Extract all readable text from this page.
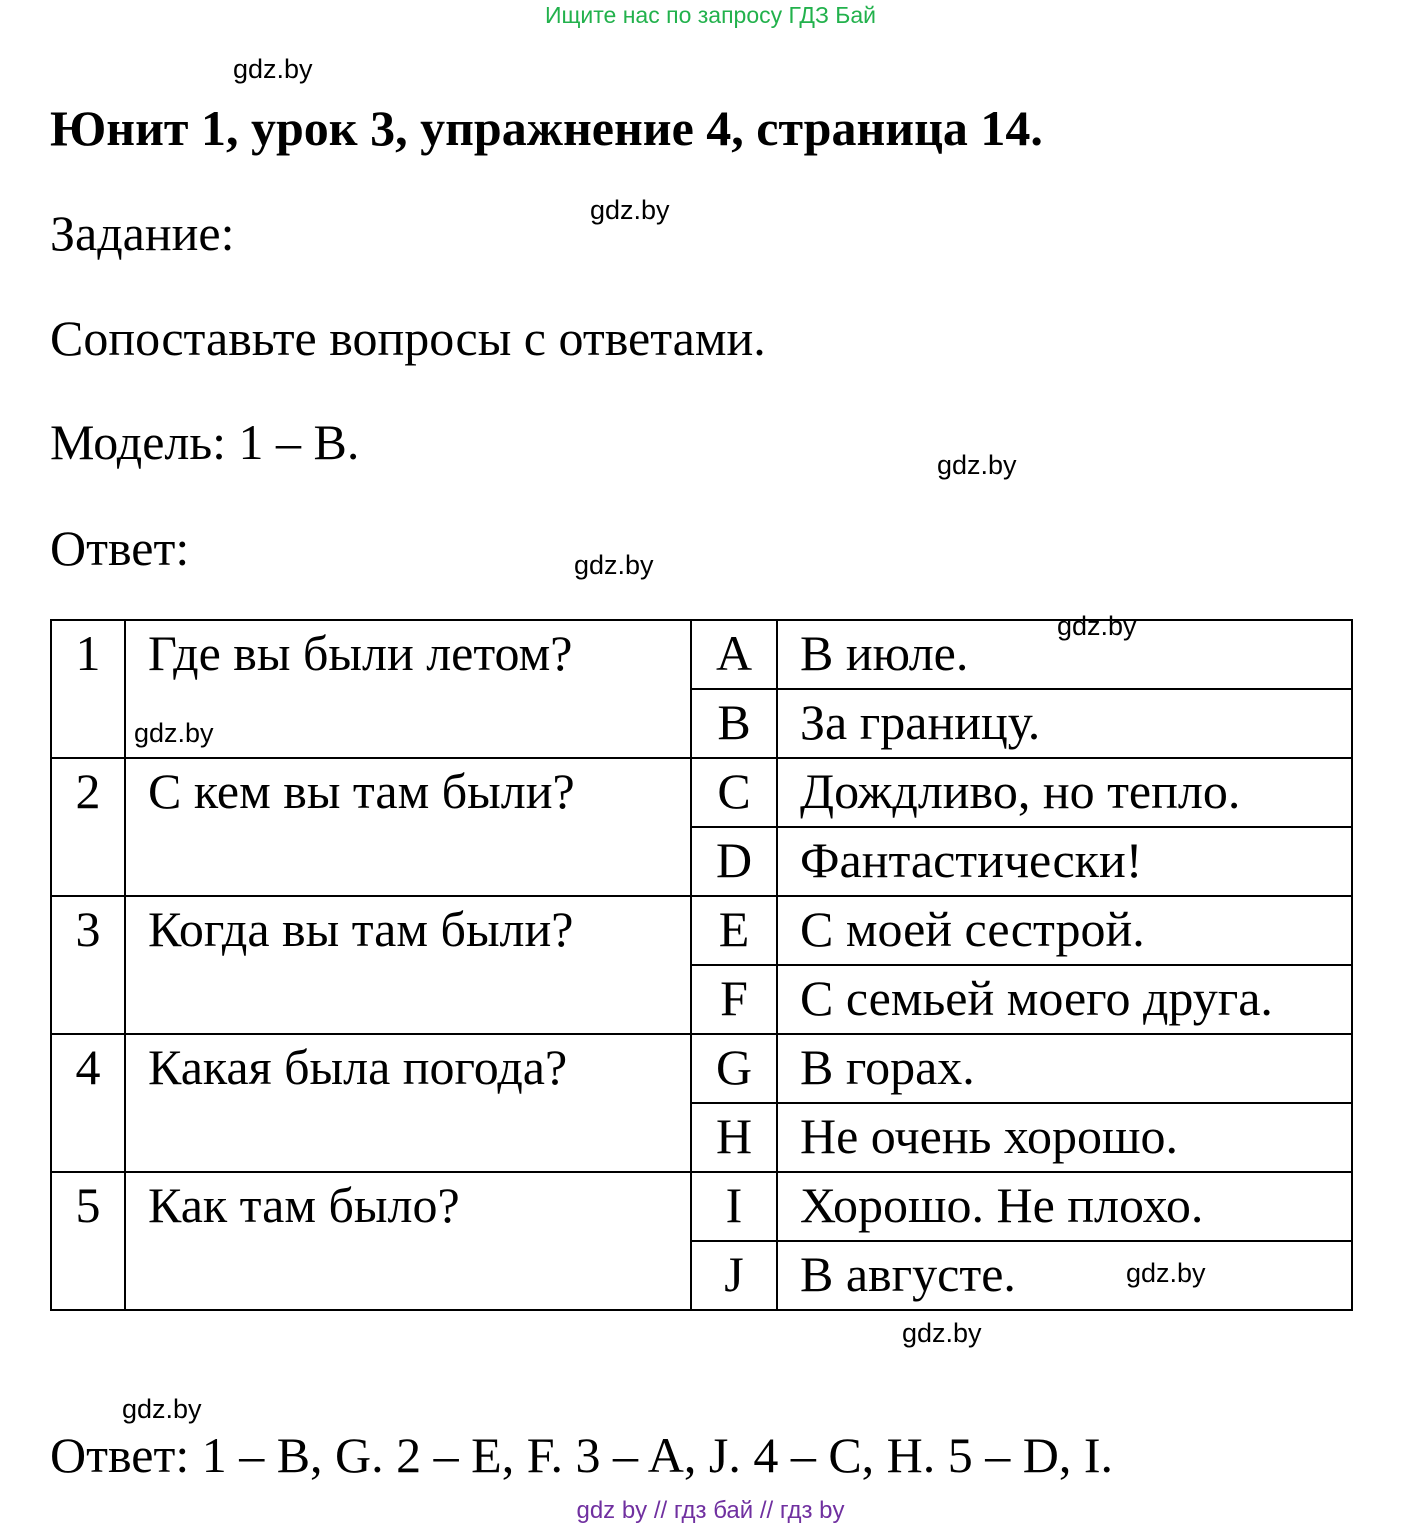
Ищите нас по запросу ГДЗ Бай
gdz.by
Юнит 1, урок 3, упражнение 4, страница 14.
gdz.by
Задание:
Сопоставьте вопросы с ответами.
Модель: 1 – B.	gdz.by
Ответ:	gdz.by
1	Где вы были летом?	A	В июле.
		B	За границу.
2	С кем вы там были?	C	Дождливо, но тепло.
		D	Фантастически!
3	Когда вы там были?	E	С моей сестрой.
		F	С семьей моего друга.
4	Какая была погода?	G	В горах.
		H	Не очень хорошо.
5	Как там было?	I	Хорошо. Не плохо.
		J	В августе.
gdz.by
gdz.by
gdz.by
gdz.by
gdz.by
Ответ: 1 – B, G. 2 – E, F. 3 – A, J. 4 – C, H. 5 – D, I.
gdz by // гдз бай // гдз by
